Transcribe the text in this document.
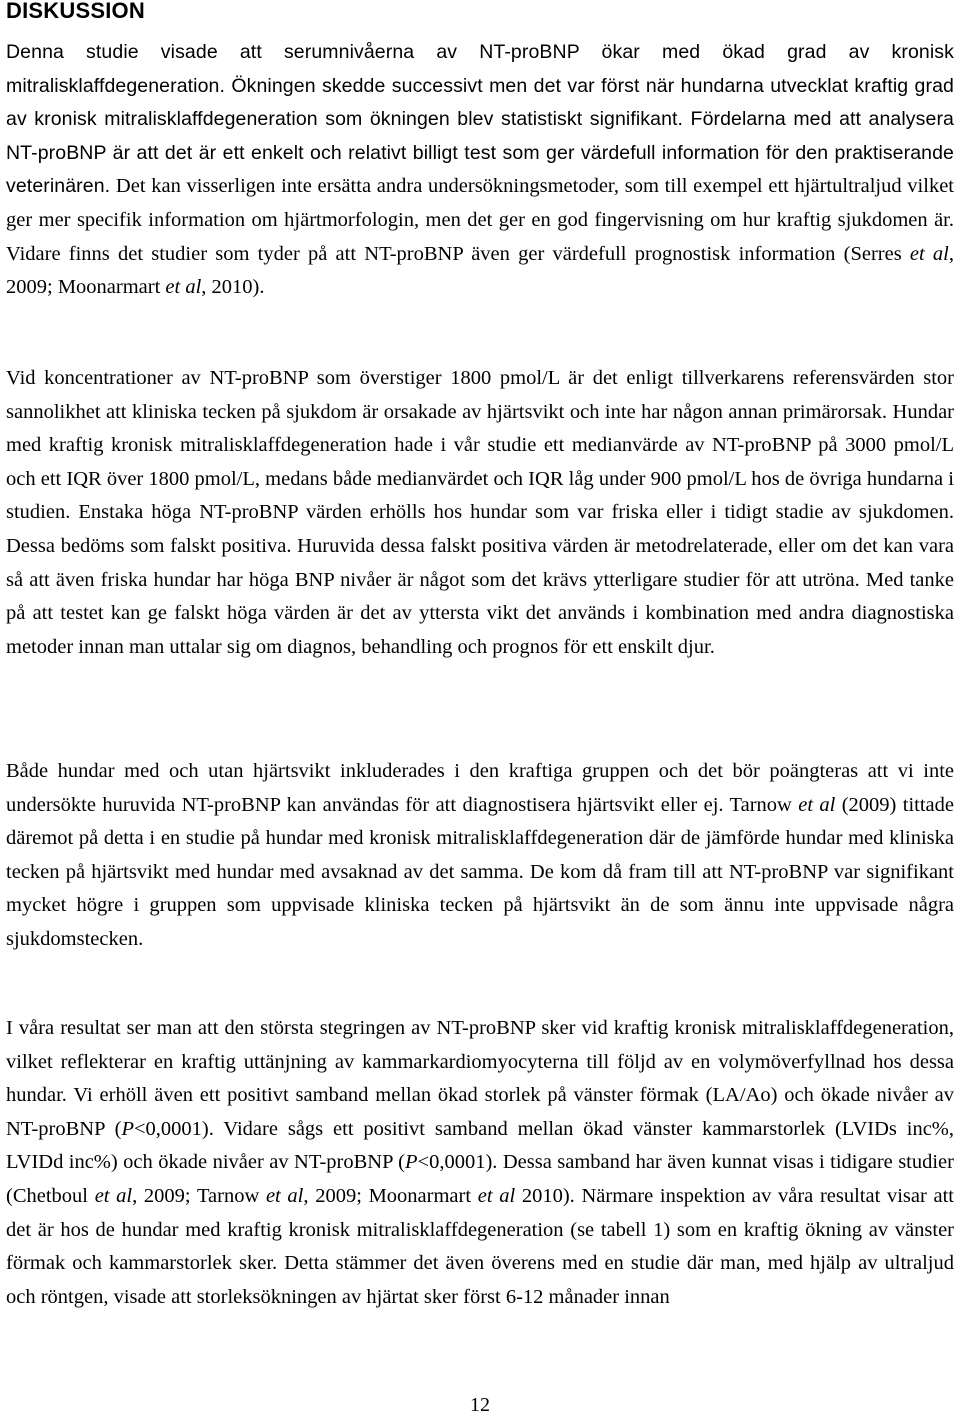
DISKUSSION

Denna studie visade att serumnivåerna av NT-proBNP ökar med ökad grad av kronisk mitralisklaffdegeneration. Ökningen skedde successivt men det var först när hundarna utvecklat kraftig grad av kronisk mitralisklaffdegeneration som ökningen blev statistiskt signifikant. Fördelarna med att analysera NT-proBNP är att det är ett enkelt och relativt billigt test som ger värdefull information för den praktiserande veterinären. Det kan visserligen inte ersätta andra undersökningsmetoder, som till exempel ett hjärtultraljud vilket ger mer specifik information om hjärtmorfologin, men det ger en god fingervisning om hur kraftig sjukdomen är. Vidare finns det studier som tyder på att NT-proBNP även ger värdefull prognostisk information (Serres et al, 2009; Moonarmart et al, 2010).

Vid koncentrationer av NT-proBNP som överstiger 1800 pmol/L är det enligt tillverkarens referensvärden stor sannolikhet att kliniska tecken på sjukdom är orsakade av hjärtsvikt och inte har någon annan primärorsak. Hundar med kraftig kronisk mitralisklaffdegeneration hade i vår studie ett medianvärde av NT-proBNP på 3000 pmol/L och ett IQR över 1800 pmol/L, medans både medianvärdet och IQR låg under 900 pmol/L hos de övriga hundarna i studien. Enstaka höga NT-proBNP värden erhölls hos hundar som var friska eller i tidigt stadie av sjukdomen. Dessa bedöms som falskt positiva. Huruvida dessa falskt positiva värden är metodrelaterade, eller om det kan vara så att även friska hundar har höga BNP nivåer är något som det krävs ytterligare studier för att utröna. Med tanke på att testet kan ge falskt höga värden är det av yttersta vikt det används i kombination med andra diagnostiska metoder innan man uttalar sig om diagnos, behandling och prognos för ett enskilt djur.

Både hundar med och utan hjärtsvikt inkluderades i den kraftiga gruppen och det bör poängteras att vi inte undersökte huruvida NT-proBNP kan användas för att diagnostisera hjärtsvikt eller ej. Tarnow et al (2009) tittade däremot på detta i en studie på hundar med kronisk mitralisklaffdegeneration där de jämförde hundar med kliniska tecken på hjärtsvikt med hundar med avsaknad av det samma. De kom då fram till att NT-proBNP var signifikant mycket högre i gruppen som uppvisade kliniska tecken på hjärtsvikt än de som ännu inte uppvisade några sjukdomstecken.

I våra resultat ser man att den största stegringen av NT-proBNP sker vid kraftig kronisk mitralisklaffdegeneration, vilket reflekterar en kraftig uttänjning av kammarkardiomyocyterna till följd av en volymöverfyllnad hos dessa hundar. Vi erhöll även ett positivt samband mellan ökad storlek på vänster förmak (LA/Ao) och ökade nivåer av NT-proBNP (P<0,0001). Vidare sågs ett positivt samband mellan ökad vänster kammarstorlek (LVIDs inc%, LVIDd inc%) och ökade nivåer av NT-proBNP (P<0,0001). Dessa samband har även kunnat visas i tidigare studier (Chetboul et al, 2009; Tarnow et al, 2009; Moonarmart et al 2010). Närmare inspektion av våra resultat visar att det är hos de hundar med kraftig kronisk mitralisklaffdegeneration (se tabell 1) som en kraftig ökning av vänster förmak och kammarstorlek sker. Detta stämmer det även överens med en studie där man, med hjälp av ultraljud och röntgen, visade att storleksökningen av hjärtat sker först 6-12 månader innan

12
